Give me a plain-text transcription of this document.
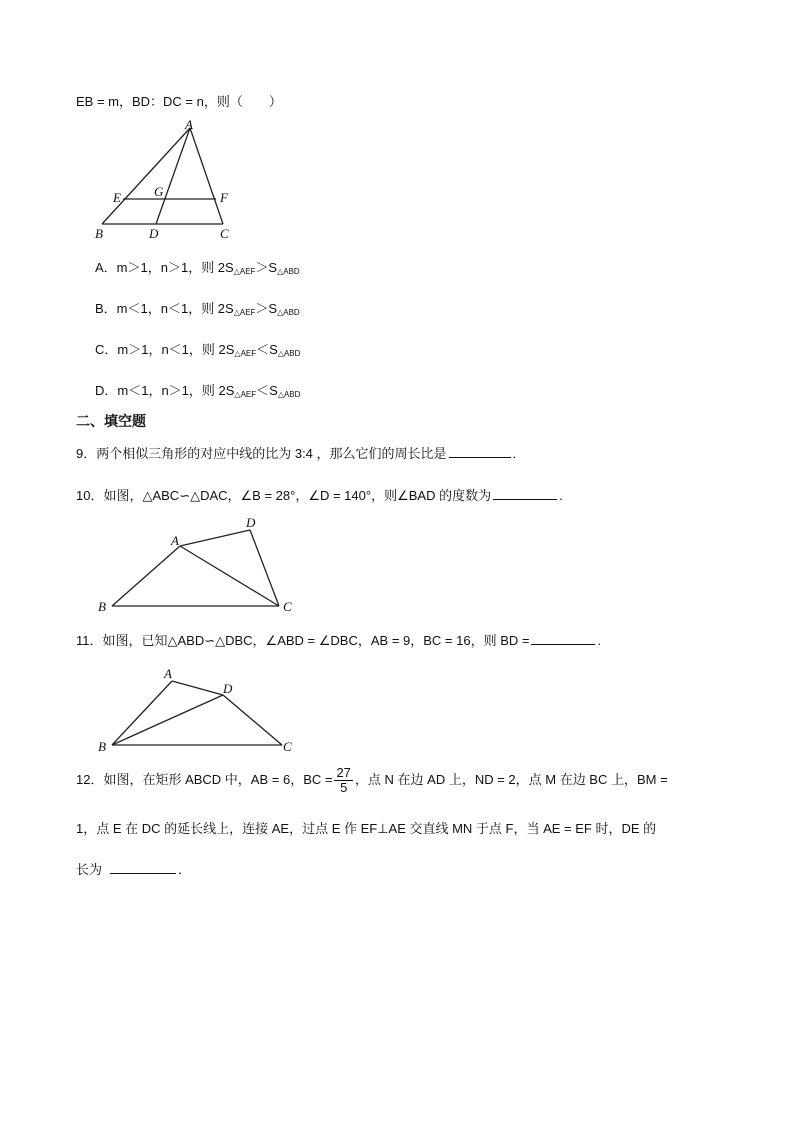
EB = m，BD：DC = n，则（　　）
A
E	G	F
B	D	C
A．m＞1，n＞1，则 $2S_{\triangle AEF}>S_{\triangle ABD}$
B．m＜1，n＜1，则 $2S_{\triangle AEF}>S_{\triangle ABD}$
C．m＞1，n＜1，则 $2S_{\triangle AEF}<S_{\triangle ABD}$
D．m＜1，n＞1，则 $2S_{\triangle AEF}<S_{\triangle ABD}$
二、填空题
9．两个相似三角形的对应中线的比为 3:4 ，那么它们的周长比是	.
10．如图，△ABC∽△DAC，∠B = 28°，∠D = 140°，则∠BAD 的度数为	.
A
D
B	C
11．如图，已知△ABD∽△DBC，∠ABD = ∠DBC，AB = 9，BC = 16，则 BD =	.
A
D
B	C
12．如图，在矩形 ABCD 中，AB = 6，BC = $\frac{27}{5}$ ，点 N 在边 AD 上，ND = 2，点 M 在边 BC 上，BM =
1，点 E 在 DC 的延长线上，连接 AE，过点 E 作 EF⊥AE 交直线 MN 于点 F，当 AE = EF 时，DE 的
长为	．
